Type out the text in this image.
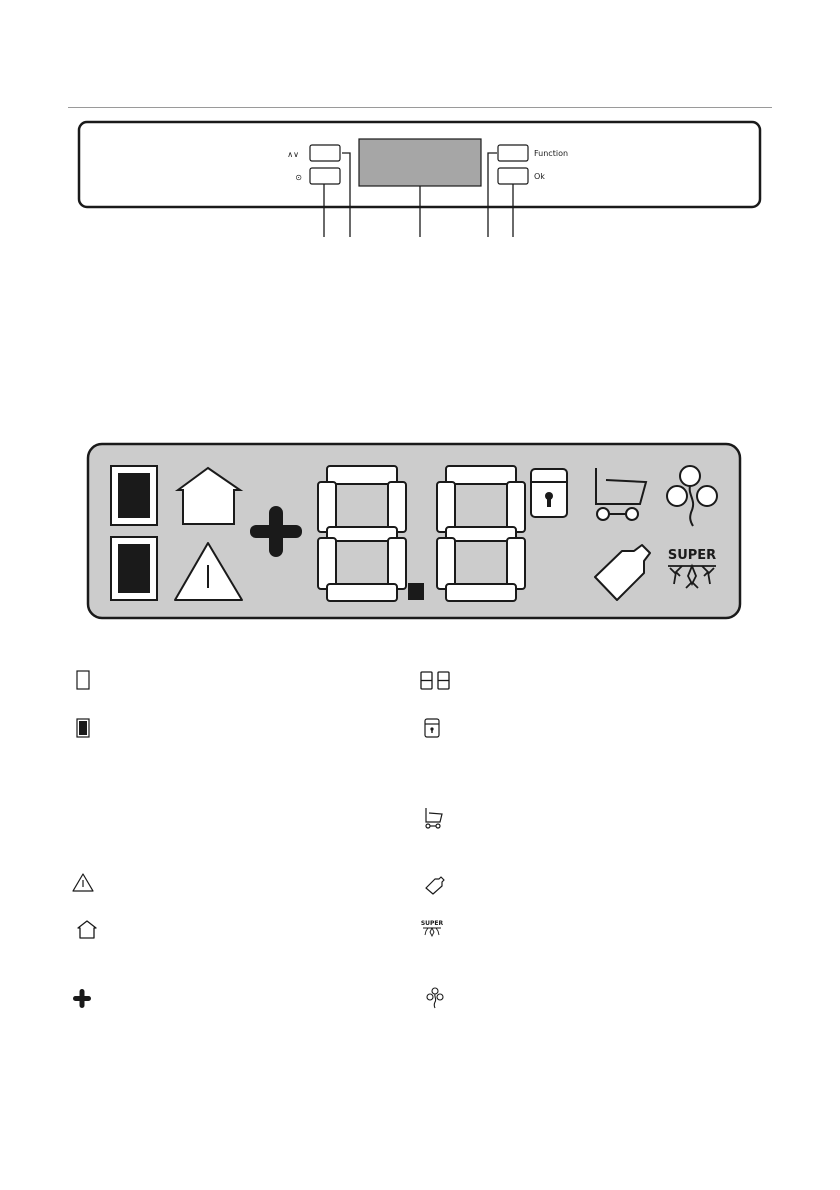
∧∨
⊙
Function
Ok
SUPER
SUPER
